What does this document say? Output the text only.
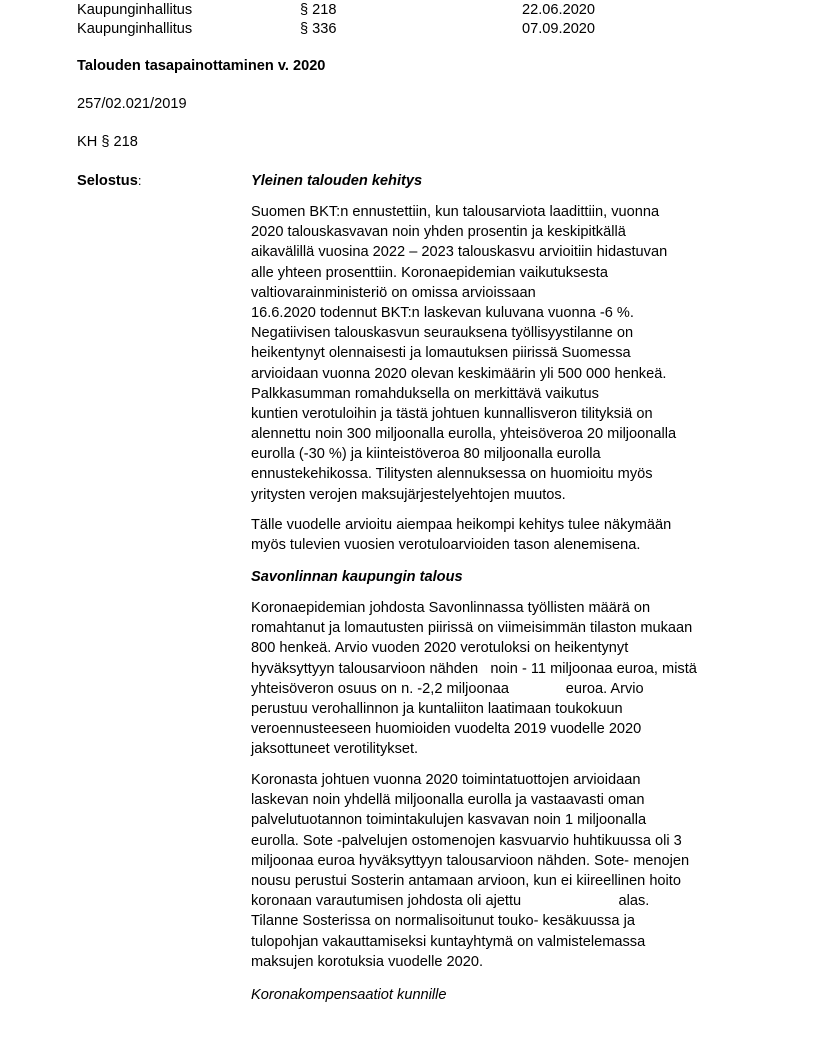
Kaupunginhallitus	§ 218	22.06.2020
Kaupunginhallitus	§ 336	07.09.2020
Talouden tasapainottaminen v. 2020
257/02.021/2019
KH § 218
Selostus:	Yleinen talouden kehitys
Suomen BKT:n ennustettiin, kun talousarviota laadittiin, vuonna
2020 talouskasvavan noin yhden prosentin ja keskipitkällä
aikavälillä vuosina 2022 – 2023 talouskasvu arvioitiin hidastuvan
alle yhteen prosenttiin. Koronaepidemian vaikutuksesta
valtiovarainministeriö on omissa arvioissaan
16.6.2020 todennut BKT:n laskevan kuluvana vuonna -6 %.
Negatiivisen talouskasvun seurauksena työllisyystilanne on
heikentynyt olennaisesti ja lomautuksen piirissä Suomessa
arvioidaan vuonna 2020 olevan keskimäärin yli 500 000 henkeä.
Palkkasumman romahduksella on merkittävä vaikutus
kuntien verotuloihin ja tästä johtuen kunnallisveron tilityksiä on
alennettu noin 300 miljoonalla eurolla, yhteisöveroa 20 miljoonalla
eurolla (-30 %) ja kiinteistöveroa 80 miljoonalla eurolla
ennustekehikossa. Tilitysten alennuksessa on huomioitu myös
yritysten verojen maksujärjestelyehtojen muutos.
Tälle vuodelle arvioitu aiempaa heikompi kehitys tulee näkymään
myös tulevien vuosien verotuloarvioiden tason alenemisena.
Savonlinnan kaupungin talous
Koronaepidemian johdosta Savonlinnassa työllisten määrä on
romahtanut ja lomautusten piirissä on viimeisimmän tilaston mukaan
800 henkeä. Arvio vuoden 2020 verotuloksi on heikentynyt
hyväksyttyyn talousarvioon nähden   noin - 11 miljoonaa euroa, mistä
yhteisöveron osuus on n. -2,2 miljoonaa              euroa. Arvio
perustuu verohallinnon ja kuntaliiton laatimaan toukokuun
veroennusteeseen huomioiden vuodelta 2019 vuodelle 2020
jaksottuneet verotilitykset.
Koronasta johtuen vuonna 2020 toimintatuottojen arvioidaan
laskevan noin yhdellä miljoonalla eurolla ja vastaavasti oman
palvelutuotannon toimintakulujen kasvavan noin 1 miljoonalla
eurolla. Sote -palvelujen ostomenojen kasvuarvio huhtikuussa oli 3
miljoonaa euroa hyväksyttyyn talousarvioon nähden. Sote- menojen
nousu perustui Sosterin antamaan arvioon, kun ei kiireellinen hoito
koronaan varautumisen johdosta oli ajettu                        alas.
Tilanne Sosterissa on normalisoitunut touko- kesäkuussa ja
tulopohjan vakauttamiseksi kuntayhtymä on valmistelemassa
maksujen korotuksia vuodelle 2020.
Koronakompensaatiot kunnille
